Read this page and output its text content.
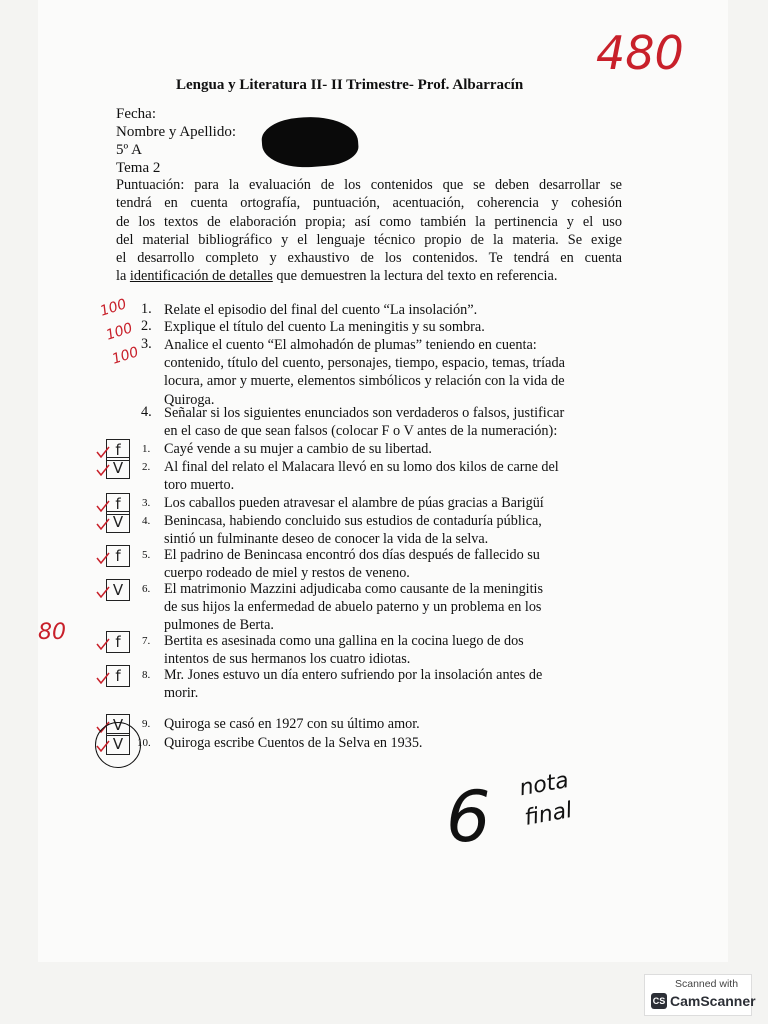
Lengua y Literatura II- II Trimestre- Prof. Albarracín
Fecha:
Nombre y Apellido:
5º A
Tema 2
Puntuación: para la evaluación de los contenidos que se deben desarrollar se
tendrá en cuenta ortografía, puntuación, acentuación, coherencia y cohesión
de los textos de elaboración propia; así como también la pertinencia y el uso
del material bibliográfico y el lenguaje técnico propio de la materia. Se exige
el desarrollo completo y exhaustivo de los contenidos. Te tendrá en cuenta
la identificación de detalles que demuestren la lectura del texto en referencia.
1. Relate el episodio del final del cuento “La insolación”.
100
2. Explique el título del cuento La meningitis y su sombra.
100
3. Analice el cuento “El almohadón de plumas” teniendo en cuenta:
contenido, título del cuento, personajes, tiempo, espacio, temas, tríada
locura, amor y muerte, elementos simbólicos y relación con la vida de
Quiroga.
100
4. Señalar si los siguientes enunciados son verdaderos o falsos, justificar
en el caso de que sean falsos (colocar F o V antes de la numeración):
f	1. Cayé vende a su mujer a cambio de su libertad.
V	2. Al final del relato el Malacara llevó en su lomo dos kilos de carne del
toro muerto.
f	3. Los caballos pueden atravesar el alambre de púas gracias a Barigüí
V	4. Benincasa, habiendo concluido sus estudios de contaduría pública,
sintió un fulminante deseo de conocer la vida de la selva.
f	5. El padrino de Benincasa encontró dos días después de fallecido su
cuerpo rodeado de miel y restos de veneno.
V	6. El matrimonio Mazzini adjudicaba como causante de la meningitis
de sus hijos la enfermedad de abuelo paterno y un problema en los
pulmones de Berta.
f	7. Bertita es asesinada como una gallina en la cocina luego de dos
intentos de sus hermanos los cuatro idiotas.
f	8. Mr. Jones estuvo un día entero sufriendo por la insolación antes de
morir.
V	9. Quiroga se casó en 1927 con su último amor.
V	10. Quiroga escribe Cuentos de la Selva en 1935.
480
80
6 nota
final
Scanned with
CS CamScanner
